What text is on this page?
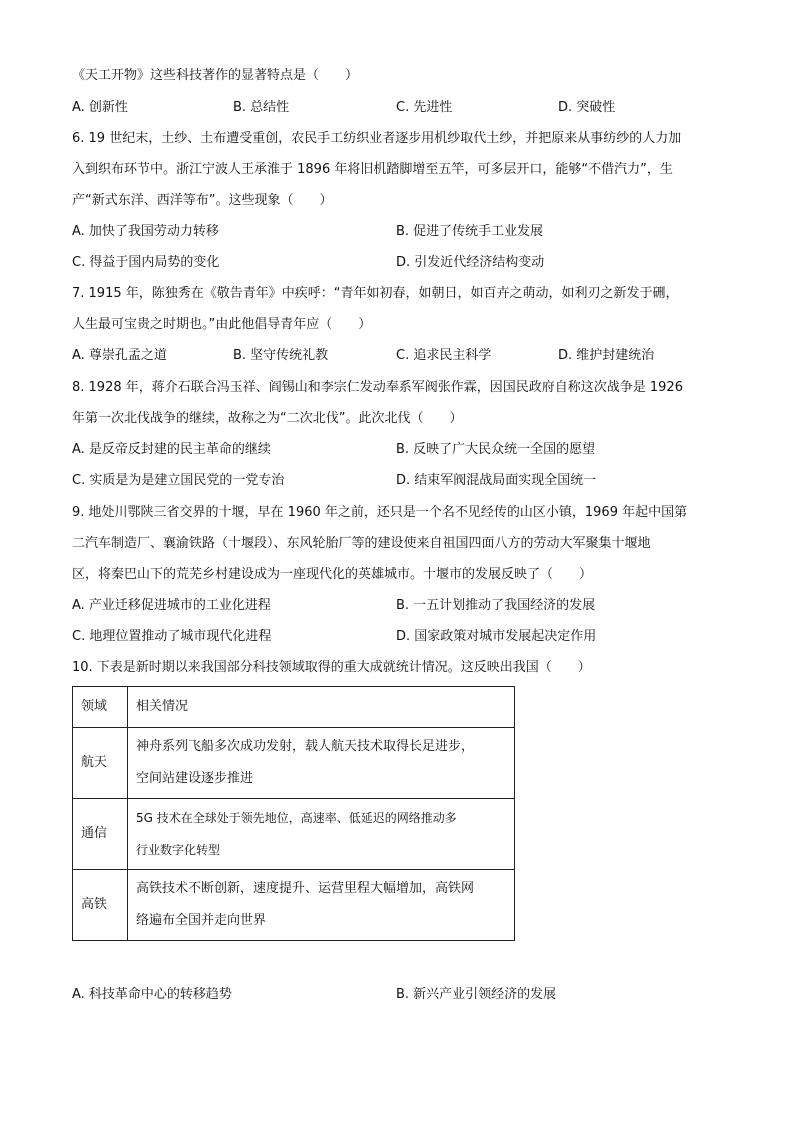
《天工开物》这些科技著作的显著特点是（　　）
A. 创新性	B. 总结性	C. 先进性	D. 突破性
6. 19 世纪末，土纱、土布遭受重创，农民手工纺织业者逐步用机纱取代土纱，并把原来从事纺纱的人力加
入到织布环节中。浙江宁波人王承淮于 1896 年将旧机踏脚增至五竿，可多层开口，能够“不借汽力”，生
产“新式东洋、西洋等布”。这些现象（　　）
A. 加快了我国劳动力转移	B. 促进了传统手工业发展
C. 得益于国内局势的变化	D. 引发近代经济结构变动
7. 1915 年，陈独秀在《敬告青年》中疾呼：“青年如初春，如朝日，如百卉之萌动，如利刃之新发于硎，
人生最可宝贵之时期也。”由此他倡导青年应（　　）
A. 尊崇孔孟之道	B. 坚守传统礼教	C. 追求民主科学	D. 维护封建统治
8. 1928 年，蒋介石联合冯玉祥、阎锡山和李宗仁发动奉系军阀张作霖，因国民政府自称这次战争是 1926
年第一次北伐战争的继续，故称之为“二次北伐”。此次北伐（　　）
A. 是反帝反封建的民主革命的继续	B. 反映了广大民众统一全国的愿望
C. 实质是为是建立国民党的一党专治	D. 结束军阀混战局面实现全国统一
9. 地处川鄂陕三省交界的十堰，早在 1960 年之前，还只是一个名不见经传的山区小镇，1969 年起中国第
二汽车制造厂、襄渝铁路（十堰段）、东风轮胎厂等的建设使来自祖国四面八方的劳动大军聚集十堰地
区，将秦巴山下的荒芜乡村建设成为一座现代化的英雄城市。十堰市的发展反映了（　　）
A. 产业迁移促进城市的工业化进程	B. 一五计划推动了我国经济的发展
C. 地理位置推动了城市现代化进程	D. 国家政策对城市发展起决定作用
10. 下表是新时期以来我国部分科技领域取得的重大成就统计情况。这反映出我国（　　）
领域	相关情况
航天	神舟系列飞船多次成功发射，载人航天技术取得长足进步，
空间站建设逐步推进

通信	5G 技术在全球处于领先地位，高速率、低延迟的网络推动多
行业数字化转型

高铁	高铁技术不断创新，速度提升、运营里程大幅增加，高铁网
络遍布全国并走向世界
A. 科技革命中心的转移趋势	B. 新兴产业引领经济的发展
